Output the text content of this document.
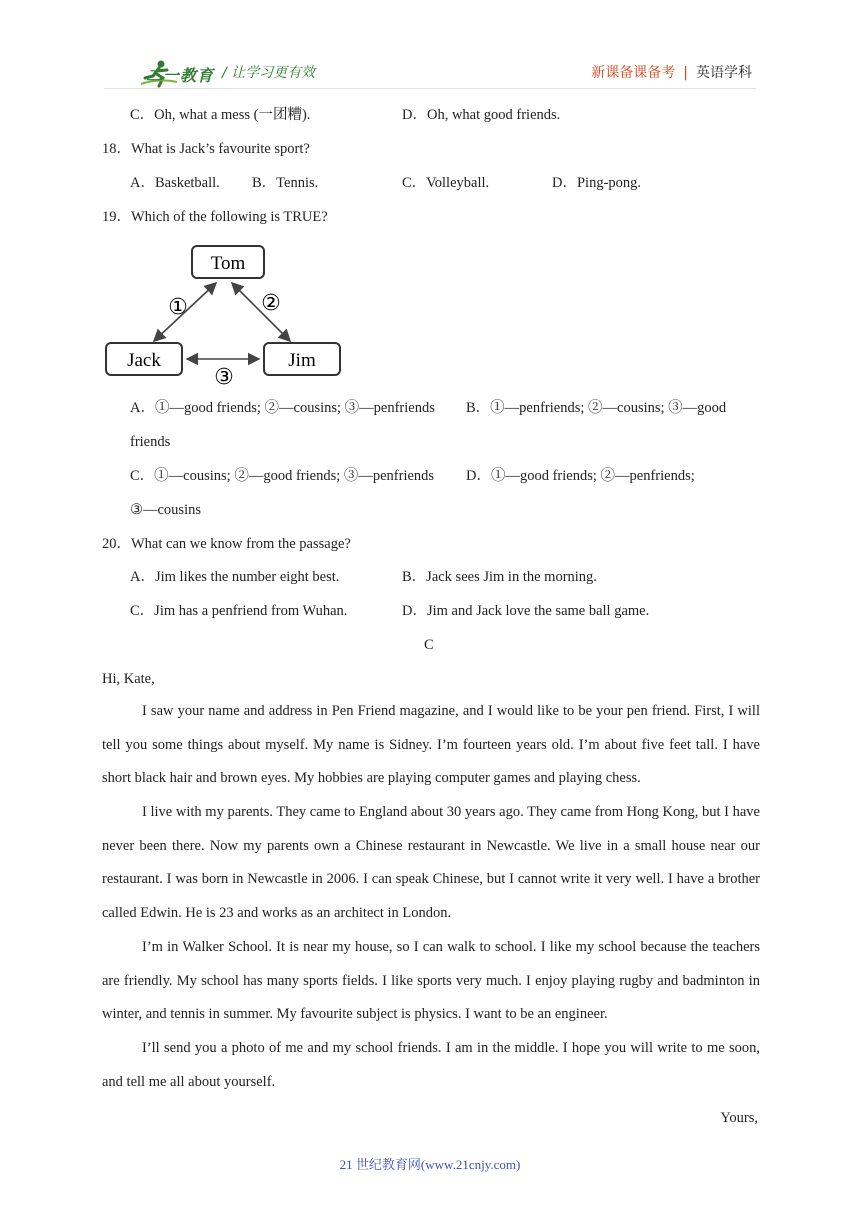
二一教育 / 让学习更有效	新课备课备考 | 英语学科
C．Oh, what a mess (一团糟).	D．Oh, what good friends.
18．What is Jack’s favourite sport?
A．Basketball. B．Tennis.	C．Volleyball.	D．Ping-pong.
19．Which of the following is TRUE?
Tom
Jack	Jim
①	②
③
A．①—good friends; ②—cousins; ③—penfriends B．①—penfriends; ②—cousins; ③—good
friends
C．①—cousins; ②—good friends; ③—penfriends D．①—good friends; ②—penfriends;
③—cousins
20．What can we know from the passage?
A．Jim likes the number eight best.	B．Jack sees Jim in the morning.
C．Jim has a penfriend from Wuhan.	D．Jim and Jack love the same ball game.
C
Hi, Kate,
I saw your name and address in Pen Friend magazine, and I would like to be your pen friend. First, I will tell you some things about myself. My name is Sidney. I’m fourteen years old. I’m about five feet tall. I have short black hair and brown eyes. My hobbies are playing computer games and playing chess.
I live with my parents. They came to England about 30 years ago. They came from Hong Kong, but I have never been there. Now my parents own a Chinese restaurant in Newcastle. We live in a small house near our restaurant. I was born in Newcastle in 2006. I can speak Chinese, but I cannot write it very well. I have a brother called Edwin. He is 23 and works as an architect in London.
I’m in Walker School. It is near my house, so I can walk to school. I like my school because the teachers are friendly. My school has many sports fields. I like sports very much. I enjoy playing rugby and badminton in winter, and tennis in summer. My favourite subject is physics. I want to be an engineer.
I’ll send you a photo of me and my school friends. I am in the middle. I hope you will write to me soon, and tell me all about yourself.
Yours,
21 世纪教育网(www.21cnjy.com)
